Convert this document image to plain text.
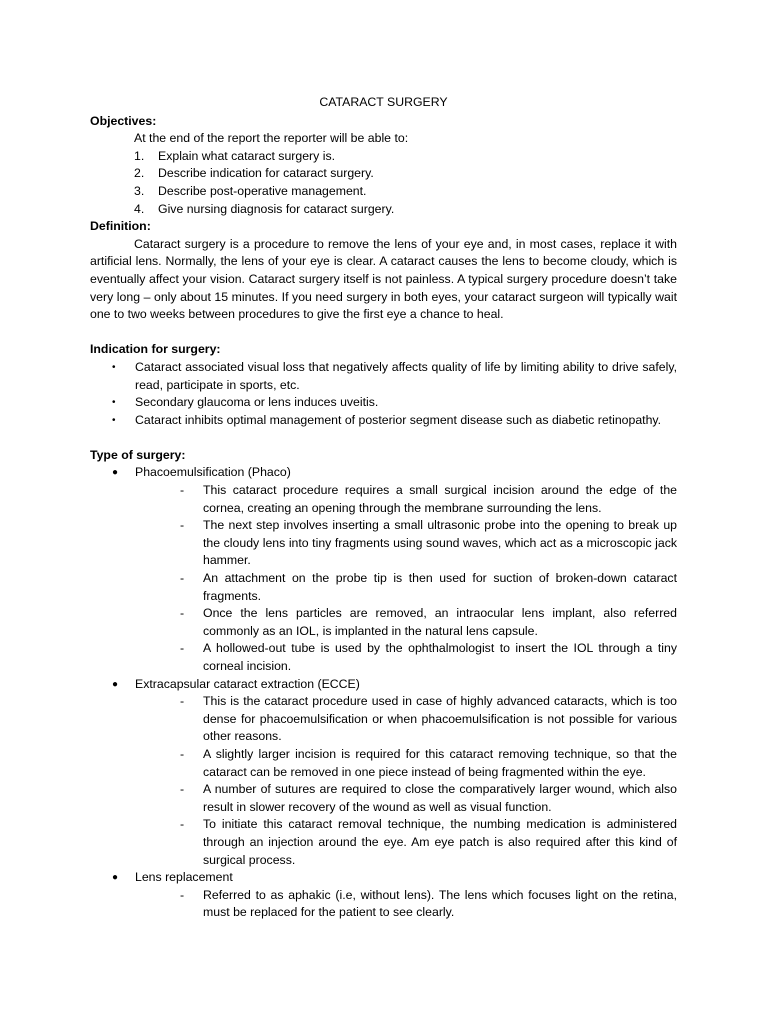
CATARACT SURGERY
Objectives:
At the end of the report the reporter will be able to:
1.	Explain what cataract surgery is.
2.	Describe indication for cataract surgery.
3.	Describe post-operative management.
4.	Give nursing diagnosis for cataract surgery.
Definition:
Cataract surgery is a procedure to remove the lens of your eye and, in most cases, replace it with artificial lens. Normally, the lens of your eye is clear. A cataract causes the lens to become cloudy, which is eventually affect your vision. Cataract surgery itself is not painless. A typical surgery procedure doesn’t take very long – only about 15 minutes. If you need surgery in both eyes, your cataract surgeon will typically wait one to two weeks between procedures to give the first eye a chance to heal.
Indication for surgery:
•	Cataract associated visual loss that negatively affects quality of life by limiting ability to drive safely, read, participate in sports, etc.
•	Secondary glaucoma or lens induces uveitis.
•	Cataract inhibits optimal management of posterior segment disease such as diabetic retinopathy.
Type of surgery:
●	Phacoemulsification (Phaco)
-	This cataract procedure requires a small surgical incision around the edge of the cornea, creating an opening through the membrane surrounding the lens.
-	The next step involves inserting a small ultrasonic probe into the opening to break up the cloudy lens into tiny fragments using sound waves, which act as a microscopic jack hammer.
-	An attachment on the probe tip is then used for suction of broken-down cataract fragments.
-	Once the lens particles are removed, an intraocular lens implant, also referred commonly as an IOL, is implanted in the natural lens capsule.
-	A hollowed-out tube is used by the ophthalmologist to insert the IOL through a tiny corneal incision.
●	Extracapsular cataract extraction (ECCE)
-	This is the cataract procedure used in case of highly advanced cataracts, which is too dense for phacoemulsification or when phacoemulsification is not possible for various other reasons.
-	A slightly larger incision is required for this cataract removing technique, so that the cataract can be removed in one piece instead of being fragmented within the eye.
-	A number of sutures are required to close the comparatively larger wound, which also result in slower recovery of the wound as well as visual function.
-	To initiate this cataract removal technique, the numbing medication is administered through an injection around the eye. Am eye patch is also required after this kind of surgical process.
●	Lens replacement
-	Referred to as aphakic (i.e, without lens). The lens which focuses light on the retina, must be replaced for the patient to see clearly.
